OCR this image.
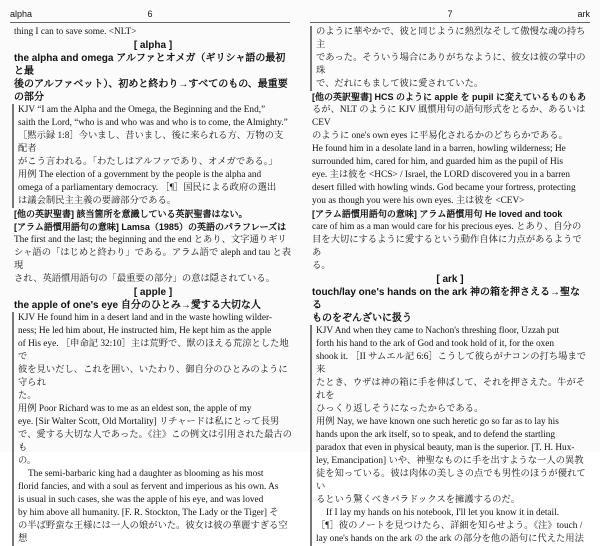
alpha	6

thing I can to save some. <NLT>

[ alpha ]

the alpha and omega アルファとオメガ（ギリシャ語の最初と最

後のアルファベット）、初めと終わり→すべてのもの、最重要の部分

KJV “I am the Alpha and the Omega, the Beginning and the End,”

saith the Lord, “who is and who was and who is to come, the Almighty.”

［黙示録 1:8］今いまし、昔いまし、後に来られる方、万物の支配者

がこう言われる。「わたしはアルファであり、オメガである。」

用例 The election of a government by the people is the alpha and

omega of a parliamentary democracy. ［¶］国民による政府の選出

は議会制民主主義の要諦部分である。

[他の英訳聖書] 該当箇所を意識している英訳聖書はない。

[アラム語慣用語句の意味] Lamsa（1985）の英語のパラフレーズは

The first and the last; the beginning and the end とあり、文字通りギリ

シャ語の「はじめと終わり」である。アラム語で aleph and tau と表現

され、英語慣用語句の「最重要の部分」の意は隠されている。

[ apple ]

the apple of one's eye 自分のひとみ→愛する大切な人

KJV He found him in a desert land and in the waste howling wilder-

ness; He led him about, He instructed him, He kept him as the apple

of His eye. ［申命記 32:10］主は荒野で、獣のほえる荒涼とした地で

彼を見いだし、これを囲い、いたわり、御自分のひとみのように守られ

た。

用例 Poor Richard was to me as an eldest son, the apple of my

eye. [Sir Walter Scott, Old Mortality] リチャードは私にとって長男

で、愛する大切な人であった。《注》この例文は引用された最古のも

の。

The semi-barbaric king had a daughter as blooming as his most

florid fancies, and with a soul as fervent and imperious as his own. As

is usual in such cases, she was the apple of his eye, and was loved

by him above all humanity. [F. R. Stockton, The Lady or the Tiger] そ

の半ば野蛮な王様には一人の娘がいた。彼女は彼の華麗すぎる空想

7	ark

のように華やかで、彼と同じように熱烈なそして傲慢な魂の持ち主

であった。そういう場合にありがちなように、彼女は彼の掌中の珠

で、だれにもまして彼に愛されていた。

[他の英訳聖書] HCS のように apple を pupil に変えているものもあ

るが、NLT のように KJV 風慣用句の語句形式をとるか、あるいは CEV

のように one's own eyes に平易化されるかのどちらかである。

He found him in a desolate land in a barren, howling wilderness; He

surrounded him, cared for him, and guarded him as the pupil of His

eye. 主は彼を <HCS> / Israel, the LORD discovered you in a barren

desert filled with howling winds. God became your fortress, protecting

you as though you were his own eyes. 主は彼を <CEV>

[アラム語慣用語句の意味] アラム語慣用句 He loved and took

care of him as a man would care for his precious eyes. とあり、自分の

目を大切にするように愛するという動作自体に力点があるようであ

る。

[ ark ]

touch/lay one's hands on the ark 神の箱を押さえる→聖なる

ものをぞんざいに扱う

KJV And when they came to Nachon's threshing floor, Uzzah put

forth his hand to the ark of God and took hold of it, for the oxen

shook it. ［II サムエル記 6:6］こうして彼らがナコンの打ち場まで来

たとき、ウザは神の箱に手を伸ばして、それを押さえた。牛がそれを

ひっくり返しそうになったからである。

用例 Nay, we have known one such heretic go so far as to lay his

hands upon the ark itself, so to speak, and to defend the startling

paradox that even in physical beauty, man is the superior. [T. H. Hux-

ley, Emancipation] いや、神聖なものに手を出すような一人の異教

徒を知っている。彼は肉体の美しさの点でも男性のほうが優れてい

るという驚くべきパラドックスを擁護するのだ。

If I lay my hands on his notebook, I'll let you know it in detail.

［¶］彼のノートを見つけたら、詳細を知らせよう。《注》touch /

lay one's hands on the ark の the ark の部分を他の語句に代えた用法
